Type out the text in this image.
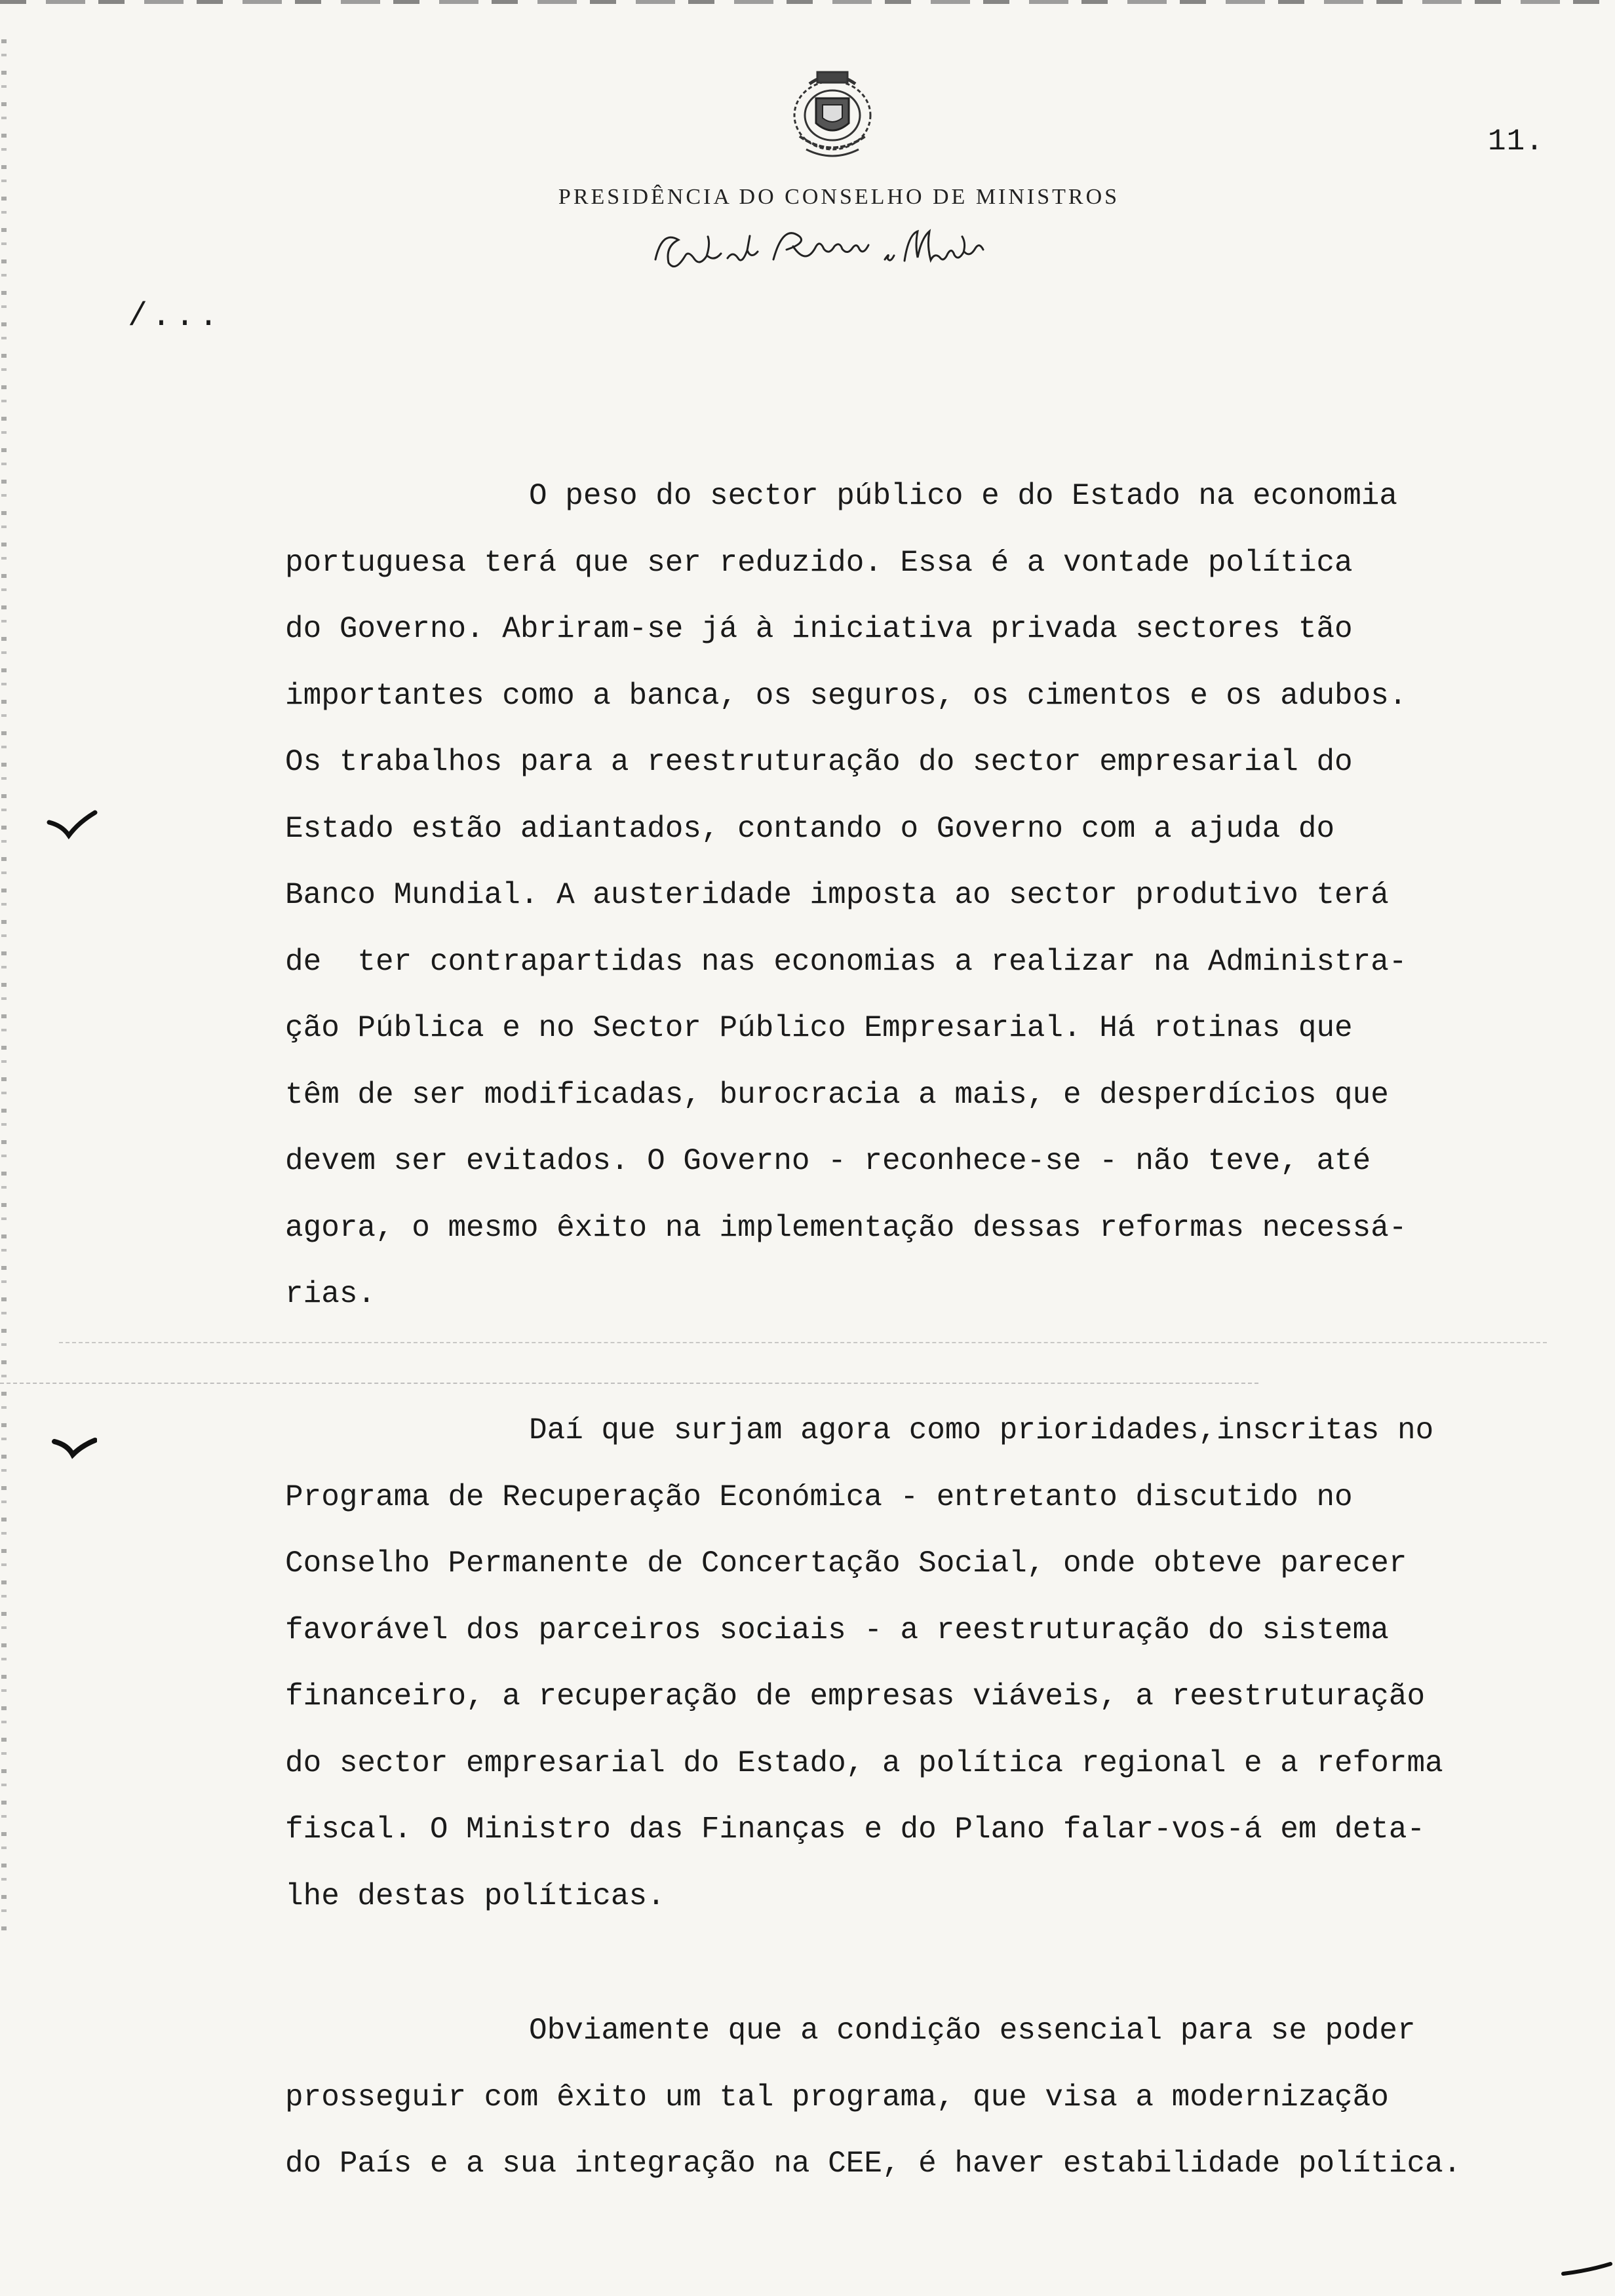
11.
PRESIDÊNCIA DO CONSELHO DE MINISTROS
/...
O peso do sector público e do Estado na economia
portuguesa terá que ser reduzido. Essa é a vontade política
do Governo. Abriram-se já à iniciativa privada sectores tão
importantes como a banca, os seguros, os cimentos e os adubos.
Os trabalhos para a reestruturação do sector empresarial do
Estado estão adiantados, contando o Governo com a ajuda do
Banco Mundial. A austeridade imposta ao sector produtivo terá
de  ter contrapartidas nas economias a realizar na Administra-
ção Pública e no Sector Público Empresarial. Há rotinas que
têm de ser modificadas, burocracia a mais, e desperdícios que
devem ser evitados. O Governo - reconhece-se - não teve, até
agora, o mesmo êxito na implementação dessas reformas necessá-
rias.
Daí que surjam agora como prioridades,inscritas no
Programa de Recuperação Económica - entretanto discutido no
Conselho Permanente de Concertação Social, onde obteve parecer
favorável dos parceiros sociais - a reestruturação do sistema
financeiro, a recuperação de empresas viáveis, a reestruturação
do sector empresarial do Estado, a política regional e a reforma
fiscal. O Ministro das Finanças e do Plano falar-vos-á em deta-
lhe destas políticas.
Obviamente que a condição essencial para se poder
prosseguir com êxito um tal programa, que visa a modernização
do País e a sua integração na CEE, é haver estabilidade política.
